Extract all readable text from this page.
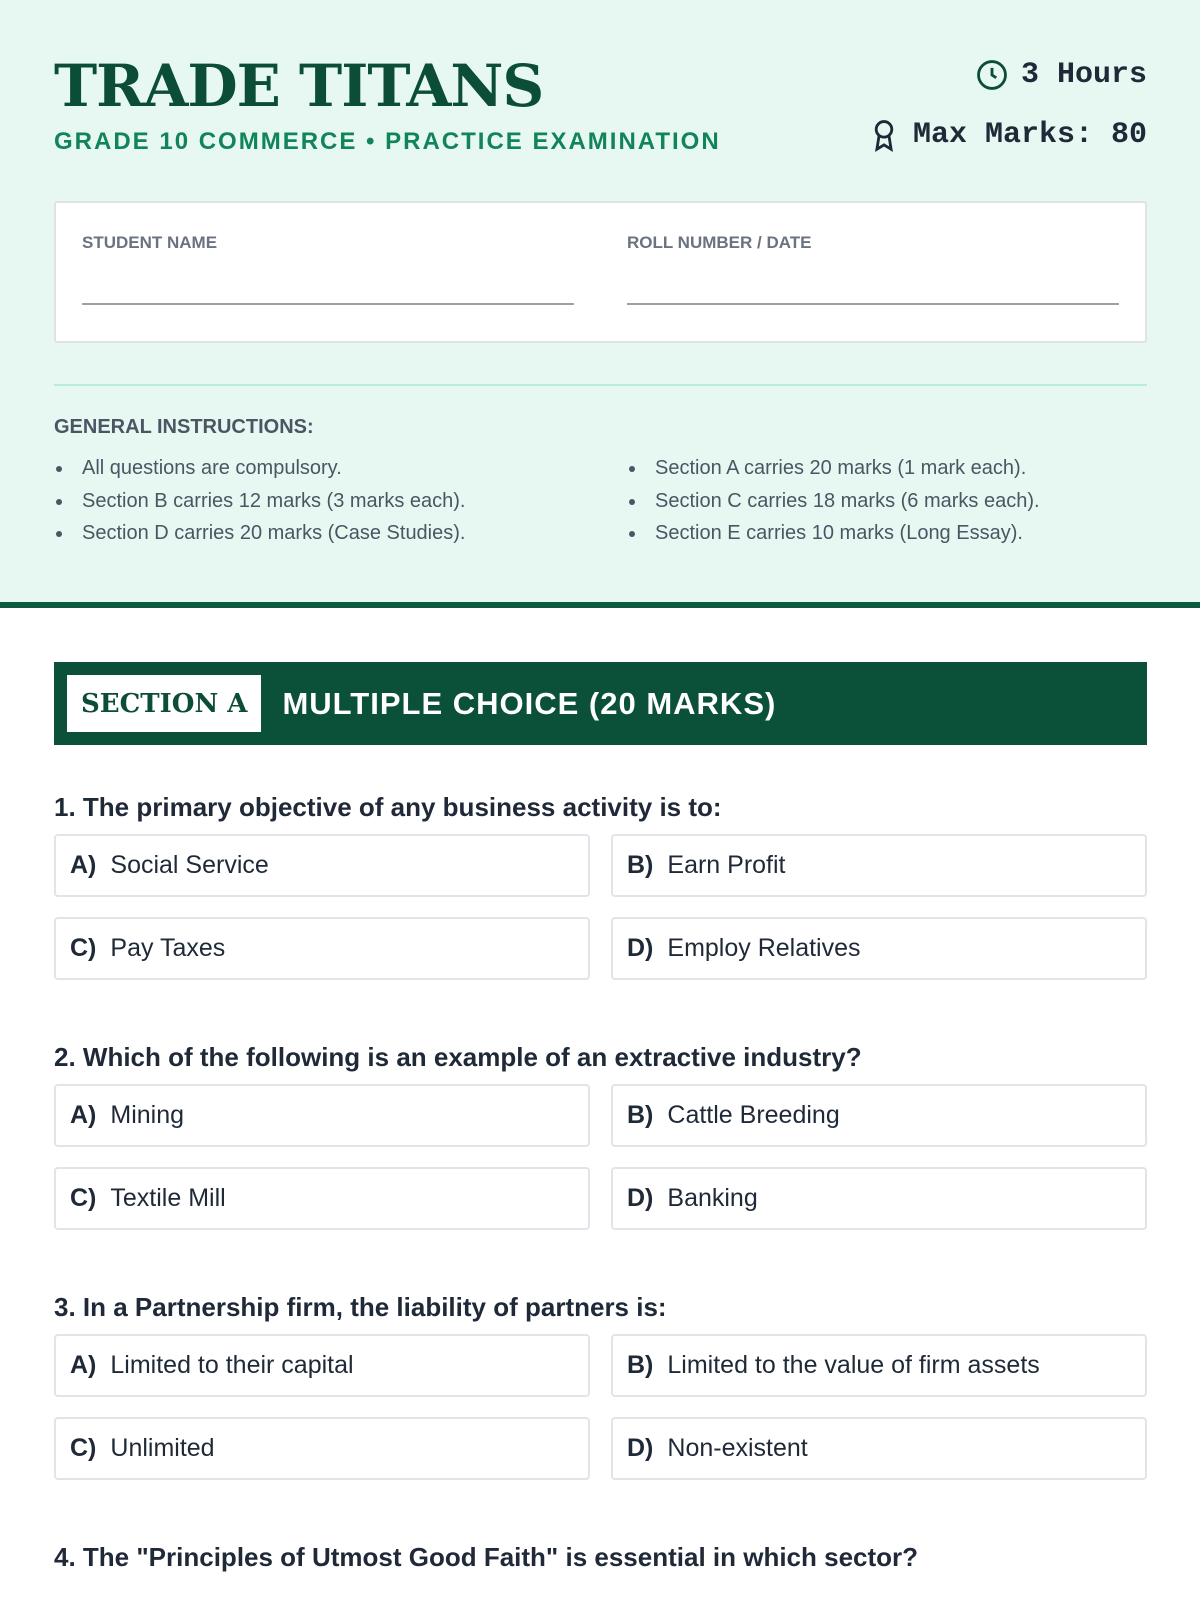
TRADE TITANS
GRADE 10 COMMERCE • PRACTICE EXAMINATION
3 Hours
Max Marks: 80
STUDENT NAME	ROLL NUMBER / DATE
GENERAL INSTRUCTIONS:
All questions are compulsory.
Section B carries 12 marks (3 marks each).
Section D carries 20 marks (Case Studies).
Section A carries 20 marks (1 mark each).
Section C carries 18 marks (6 marks each).
Section E carries 10 marks (Long Essay).
SECTION A	MULTIPLE CHOICE (20 MARKS)
1. The primary objective of any business activity is to:
A) Social Service	B) Earn Profit
C) Pay Taxes	D) Employ Relatives
2. Which of the following is an example of an extractive industry?
A) Mining	B) Cattle Breeding
C) Textile Mill	D) Banking
3. In a Partnership firm, the liability of partners is:
A) Limited to their capital	B) Limited to the value of firm assets
C) Unlimited	D) Non-existent
4. The "Principles of Utmost Good Faith" is essential in which sector?
